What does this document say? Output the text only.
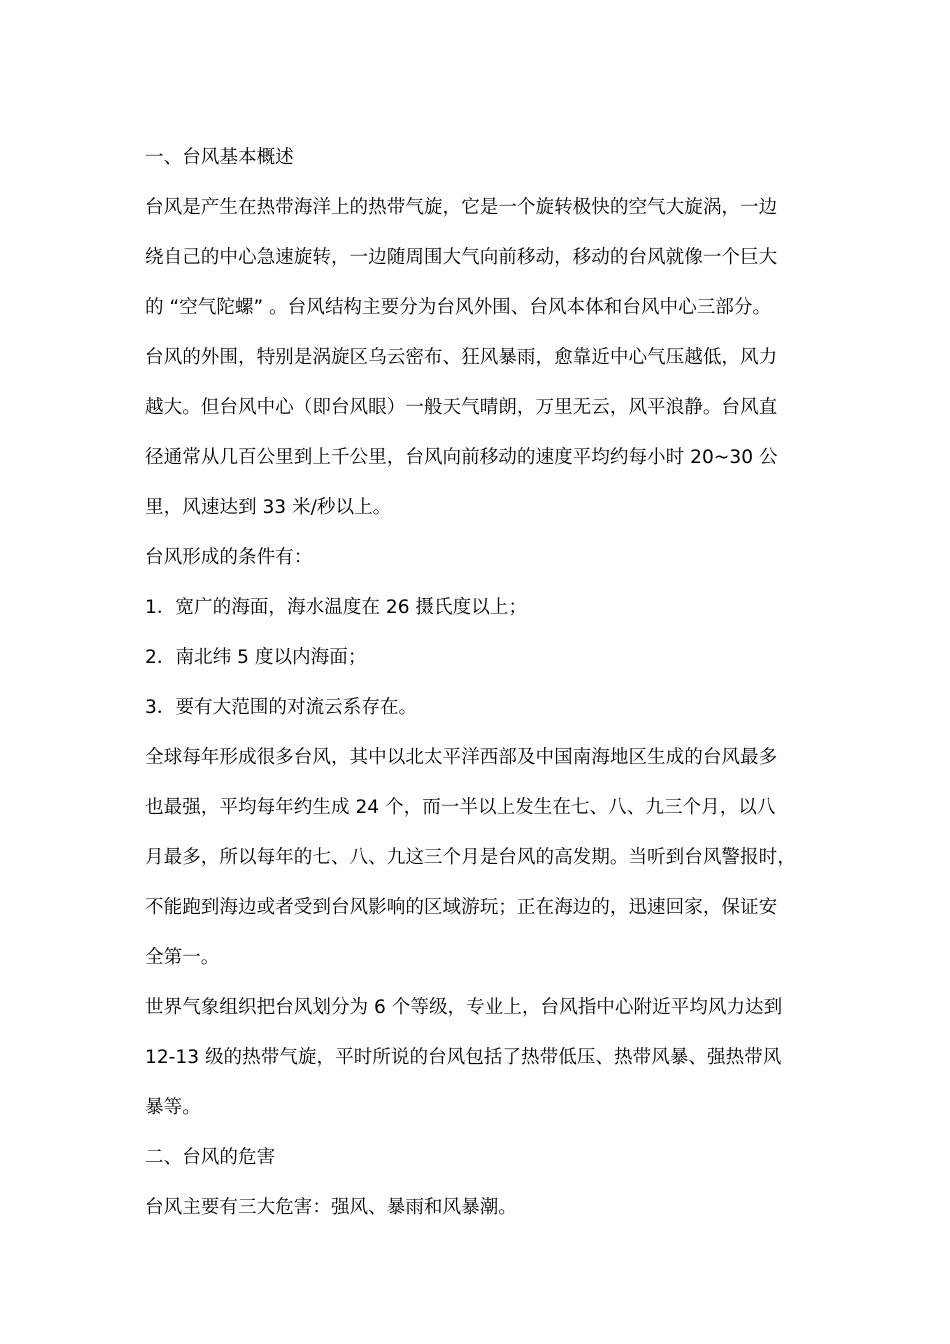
一、台风基本概述

台风是产生在热带海洋上的热带气旋，它是一个旋转极快的空气大旋涡，一边
绕自己的中心急速旋转，一边随周围大气向前移动，移动的台风就像一个巨大
的 “空气陀螺” 。台风结构主要分为台风外围、台风本体和台风中心三部分。
台风的外围，特别是涡旋区乌云密布、狂风暴雨，愈靠近中心气压越低，风力
越大。但台风中心（即台风眼）一般天气晴朗，万里无云，风平浪静。台风直
径通常从几百公里到上千公里，台风向前移动的速度平均约每小时 20~30 公
里，风速达到 33 米/秒以上。

台风形成的条件有：

1．宽广的海面，海水温度在 26 摄氏度以上；

2．南北纬 5 度以内海面；

3．要有大范围的对流云系存在。

全球每年形成很多台风，其中以北太平洋西部及中国南海地区生成的台风最多
也最强，平均每年约生成 24 个，而一半以上发生在七、八、九三个月，以八
月最多，所以每年的七、八、九这三个月是台风的高发期。当听到台风警报时，
不能跑到海边或者受到台风影响的区域游玩；正在海边的，迅速回家，保证安
全第一。

世界气象组织把台风划分为 6 个等级，专业上，台风指中心附近平均风力达到
12-13 级的热带气旋，平时所说的台风包括了热带低压、热带风暴、强热带风
暴等。

二、台风的危害

台风主要有三大危害：强风、暴雨和风暴潮。
